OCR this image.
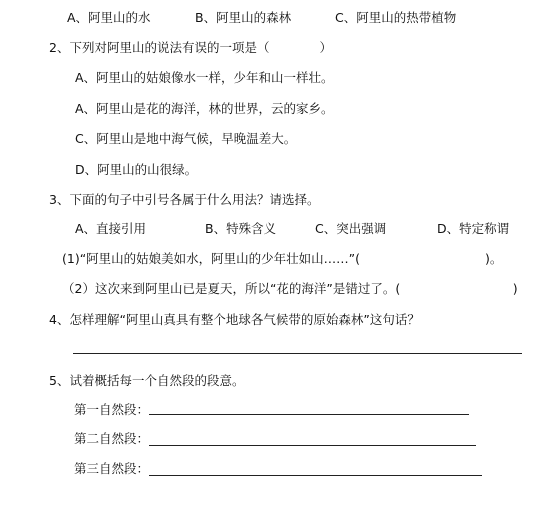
A、阿里山的水	B、阿里山的森林	C、阿里山的热带植物
2、下列对阿里山的说法有误的一项是（　　　　）
A、阿里山的姑娘像水一样，少年和山一样壮。
A、阿里山是花的海洋，林的世界，云的家乡。
C、阿里山是地中海气候，早晚温差大。
D、阿里山的山很绿。
3、下面的句子中引号各属于什么用法？请选择。
A、直接引用	B、特殊含义	C、突出强调	D、特定称谓
(1)“阿里山的姑娘美如水，阿里山的少年壮如山……”(　　　　　　　　　　)。
（2）这次来到阿里山已是夏天，所以“花的海洋”是错过了。(　　　　　　　　　)
4、怎样理解“阿里山真具有整个地球各气候带的原始森林”这句话？
5、试着概括每一个自然段的段意。
第一自然段：
第二自然段：
第三自然段：
